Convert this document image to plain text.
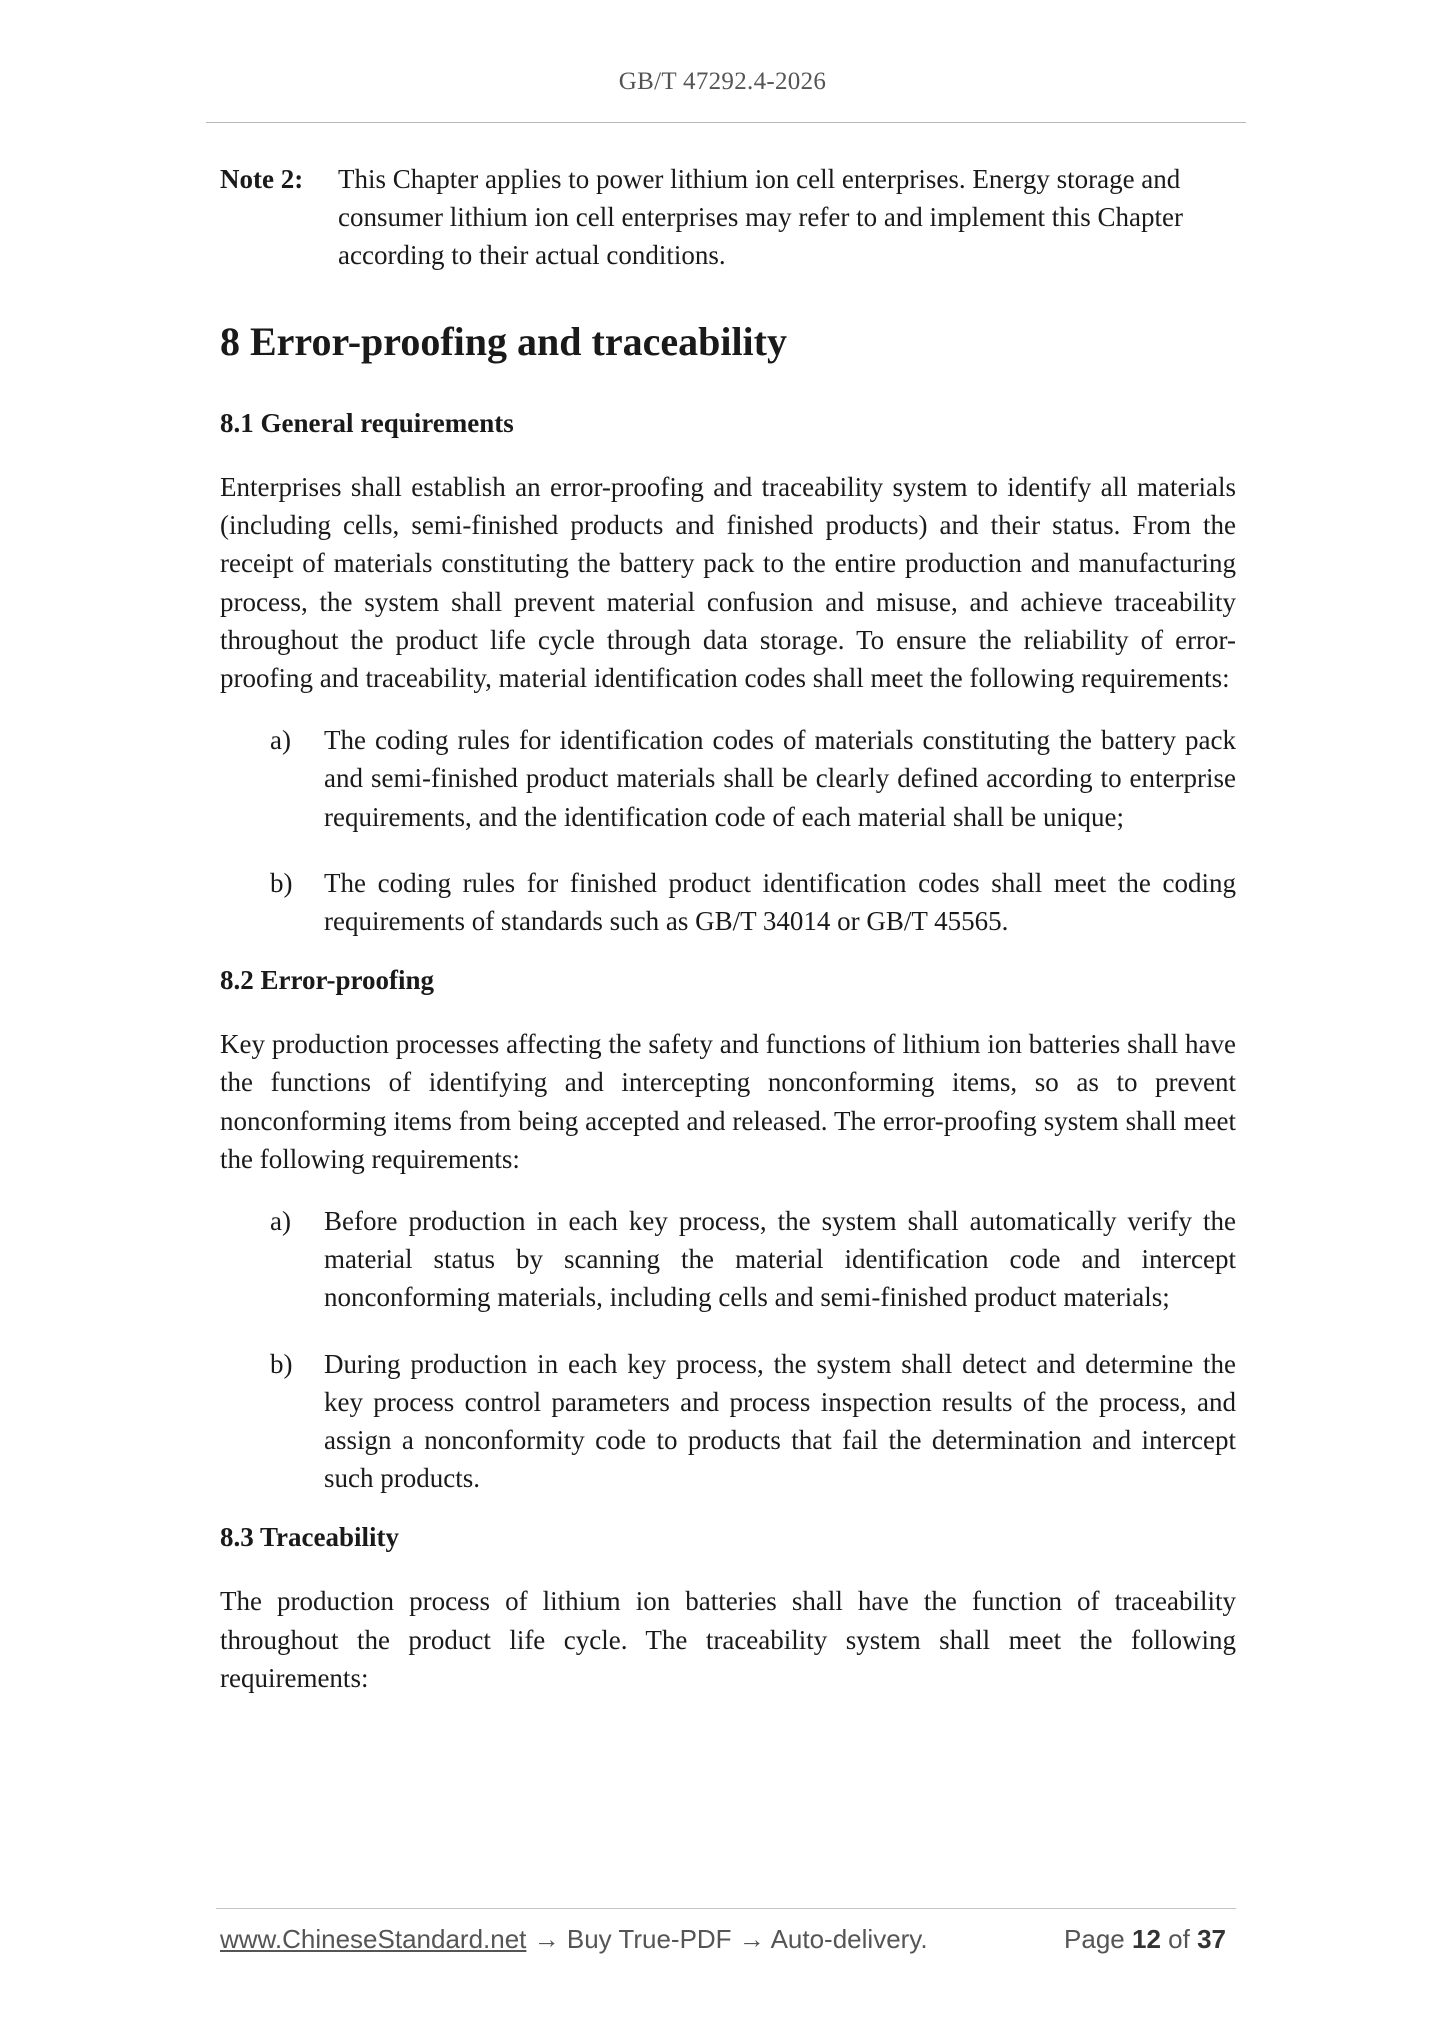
GB/T 47292.4-2026
Note 2:	This Chapter applies to power lithium ion cell enterprises. Energy storage and consumer lithium ion cell enterprises may refer to and implement this Chapter according to their actual conditions.
8 Error-proofing and traceability
8.1 General requirements

Enterprises shall establish an error-proofing and traceability system to identify all materials (including cells, semi-finished products and finished products) and their status. From the receipt of materials constituting the battery pack to the entire production and manufacturing process, the system shall prevent material confusion and misuse, and achieve traceability throughout the product life cycle through data storage. To ensure the reliability of error-proofing and traceability, material identification codes shall meet the following requirements:

a)	The coding rules for identification codes of materials constituting the battery pack and semi-finished product materials shall be clearly defined according to enterprise requirements, and the identification code of each material shall be unique;
b)	The coding rules for finished product identification codes shall meet the coding requirements of standards such as GB/T 34014 or GB/T 45565.
8.2 Error-proofing

Key production processes affecting the safety and functions of lithium ion batteries shall have the functions of identifying and intercepting nonconforming items, so as to prevent nonconforming items from being accepted and released. The error-proofing system shall meet the following requirements:

a)	Before production in each key process, the system shall automatically verify the material status by scanning the material identification code and intercept nonconforming materials, including cells and semi-finished product materials;
b)	During production in each key process, the system shall detect and determine the key process control parameters and process inspection results of the process, and assign a nonconformity code to products that fail the determination and intercept such products.
8.3 Traceability

The production process of lithium ion batteries shall have the function of traceability throughout the product life cycle. The traceability system shall meet the following requirements:

www.ChineseStandard.net → Buy True-PDF → Auto-delivery.	Page 12 of 37
